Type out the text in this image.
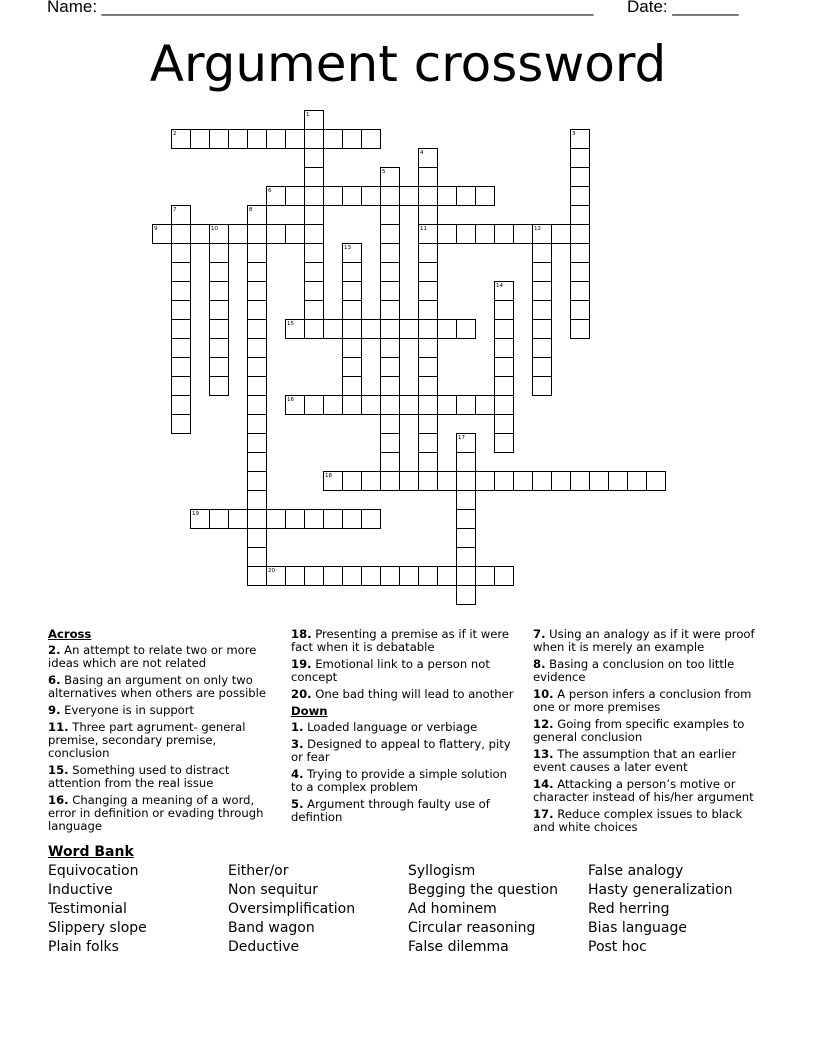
Name: ____________________________________________________ Date: _______
Argument crossword
1
2	3
4
11
5
6
7	8
9	10	12
13
14
15
16
17
18
19
20
Across
2. An attempt to relate two or more ideas which are not related
6. Basing an argument on only two alternatives when others are possible
9. Everyone is in support
11. Three part agrument- general premise, secondary premise, conclusion
15. Something used to distract attention from the real issue
16. Changing a meaning of a word, error in definition or evading through language
18. Presenting a premise as if it were fact when it is debatable
19. Emotional link to a person not concept
20. One bad thing will lead to another
Down
1. Loaded language or verbiage
3. Designed to appeal to flattery, pity or fear
4. Trying to provide a simple solution to a complex problem
5. Argument through faulty use of defintion
7. Using an analogy as if it were proof when it is merely an example
8. Basing a conclusion on too little evidence
10. A person infers a conclusion from one or more premises
12. Going from specific examples to general conclusion
13. The assumption that an earlier event causes a later event
14. Attacking a person’s motive or character instead of his/her argument
17. Reduce complex issues to black and white choices
Word Bank
Equivocation	Either/or	Syllogism	False analogy
Inductive	Non sequitur	Begging the question	Hasty generalization
Testimonial	Oversimplification	Ad hominem	Red herring
Slippery slope	Band wagon	Circular reasoning	Bias language
Plain folks	Deductive	False dilemma	Post hoc
